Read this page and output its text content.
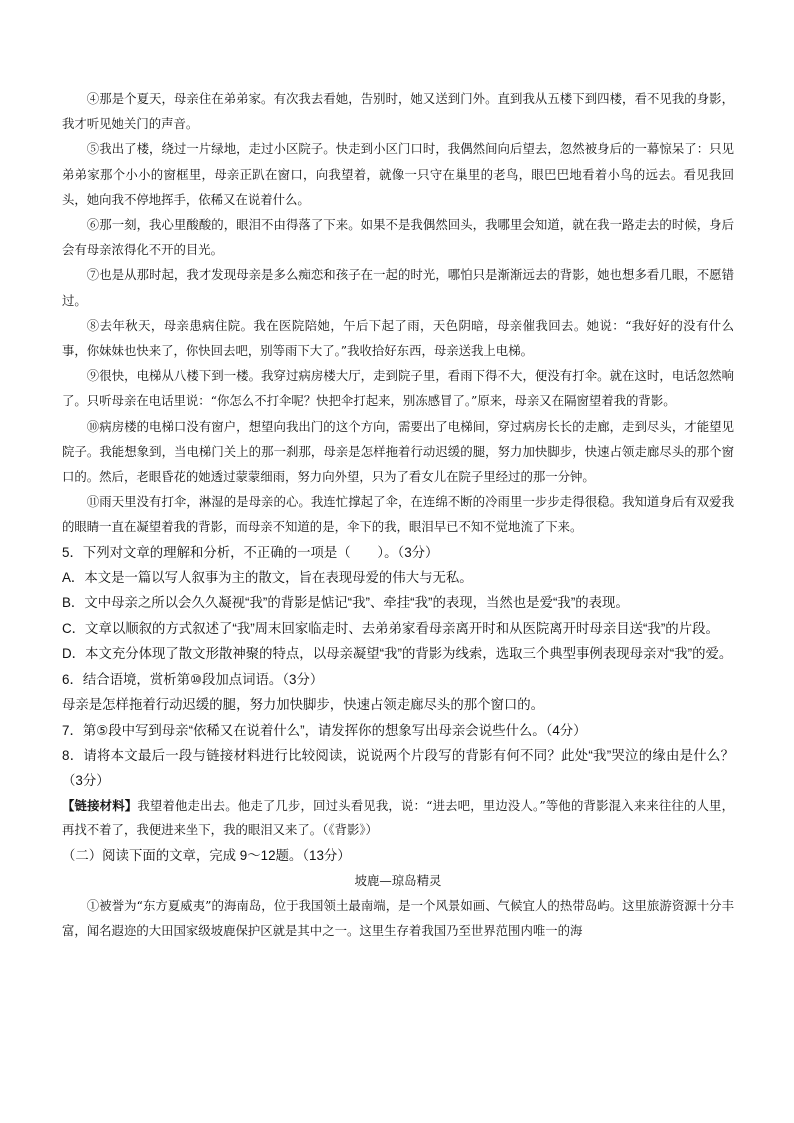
④那是个夏天，母亲住在弟弟家。有次我去看她，告别时，她又送到门外。直到我从五楼下到四楼，看不见我的身影，我才听见她关门的声音。

⑤我出了楼，绕过一片绿地，走过小区院子。快走到小区门口时，我偶然间向后望去，忽然被身后的一幕惊呆了：只见弟弟家那个小小的窗框里，母亲正趴在窗口，向我望着，就像一只守在巢里的老鸟，眼巴巴地看着小鸟的远去。看见我回头，她向我不停地挥手，依稀又在说着什么。

⑥那一刻，我心里酸酸的，眼泪不由得落了下来。如果不是我偶然回头，我哪里会知道，就在我一路走去的时候，身后会有母亲浓得化不开的目光。

⑦也是从那时起，我才发现母亲是多么痴恋和孩子在一起的时光，哪怕只是渐渐远去的背影，她也想多看几眼，不愿错过。

⑧去年秋天，母亲患病住院。我在医院陪她，午后下起了雨，天色阴暗，母亲催我回去。她说：“我好好的没有什么事，你妹妹也快来了，你快回去吧，别等雨下大了。”我收拾好东西，母亲送我上电梯。

⑨很快，电梯从八楼下到一楼。我穿过病房楼大厅，走到院子里，看雨下得不大，便没有打伞。就在这时，电话忽然响了。只听母亲在电话里说：“你怎么不打伞呢？快把伞打起来，别冻感冒了。”原来，母亲又在隔窗望着我的背影。

⑩病房楼的电梯口没有窗户，想望向我出门的这个方向，需要出了电梯间，穿过病房长长的走廊，走到尽头，才能望见院子。我能想象到，当电梯门关上的那一刹那，母亲是怎样拖着行动迟缓的腿，努力加快脚步，快速占领走廊尽头的那个窗口的。然后，老眼昏花的她透过蒙蒙细雨，努力向外望，只为了看女儿在院子里经过的那一分钟。

⑪雨天里没有打伞，淋湿的是母亲的心。我连忙撑起了伞，在连绵不断的冷雨里一步步走得很稳。我知道身后有双爱我的眼睛一直在凝望着我的背影，而母亲不知道的是，伞下的我，眼泪早已不知不觉地流了下来。

5．下列对文章的理解和分析，不正确的一项是（　　）。（3分）

A．本文是一篇以写人叙事为主的散文，旨在表现母爱的伟大与无私。

B．文中母亲之所以会久久凝视“我”的背影是惦记“我”、牵挂“我”的表现，当然也是爱“我”的表现。

C．文章以顺叙的方式叙述了“我”周末回家临走时、去弟弟家看母亲离开时和从医院离开时母亲目送“我”的片段。

D．本文充分体现了散文形散神聚的特点，以母亲凝望“我”的背影为线索，选取三个典型事例表现母亲对“我”的爱。

6．结合语境，赏析第⑩段加点词语。（3分）

母亲是怎样拖着行动迟缓的腿，努力加快脚步，快速占领走廊尽头的那个窗口的。

7．第⑤段中写到母亲“依稀又在说着什么”，请发挥你的想象写出母亲会说些什么。（4分）

8．请将本文最后一段与链接材料进行比较阅读，说说两个片段写的背影有何不同？此处“我”哭泣的缘由是什么？（3分）

【链接材料】我望着他走出去。他走了几步，回过头看见我，说：“进去吧，里边没人。”等他的背影混入来来往往的人里，再找不着了，我便进来坐下，我的眼泪又来了。（《背影》）

（二）阅读下面的文章，完成 9～12题。（13分）

坡鹿—琼岛精灵

①被誉为“东方夏威夷”的海南岛，位于我国领土最南端，是一个风景如画、气候宜人的热带岛屿。这里旅游资源十分丰富，闻名遐迩的大田国家级坡鹿保护区就是其中之一。这里生存着我国乃至世界范围内唯一的海
